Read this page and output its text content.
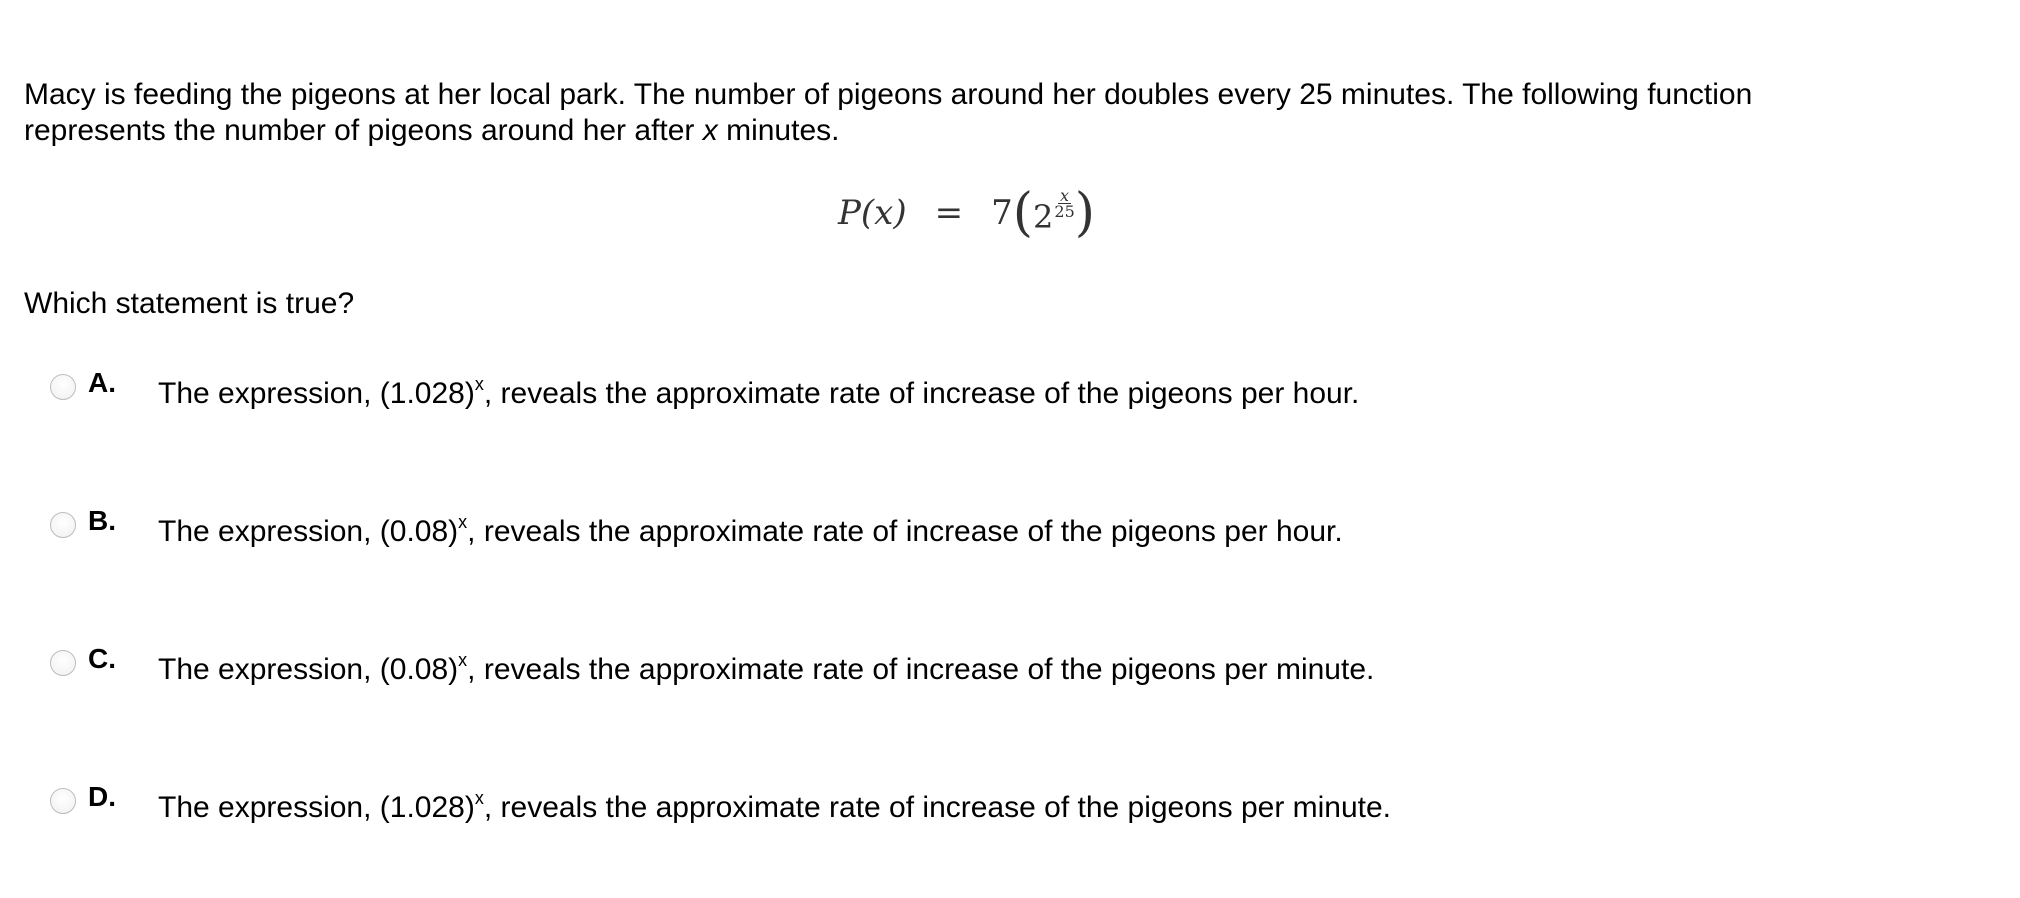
Macy is feeding the pigeons at her local park. The number of pigeons around her doubles every 25 minutes. The following function
represents the number of pigeons around her after x minutes.

P(x) = 7 ( $2 \frac{x}{25}$ )

Which statement is true?

A. The expression, $(1.028)^x$, reveals the approximate rate of increase of the pigeons per hour.
B. The expression, $(0.08)^x$, reveals the approximate rate of increase of the pigeons per hour.
C. The expression, $(0.08)^x$, reveals the approximate rate of increase of the pigeons per minute.
D. The expression, $(1.028)^x$, reveals the approximate rate of increase of the pigeons per minute.
